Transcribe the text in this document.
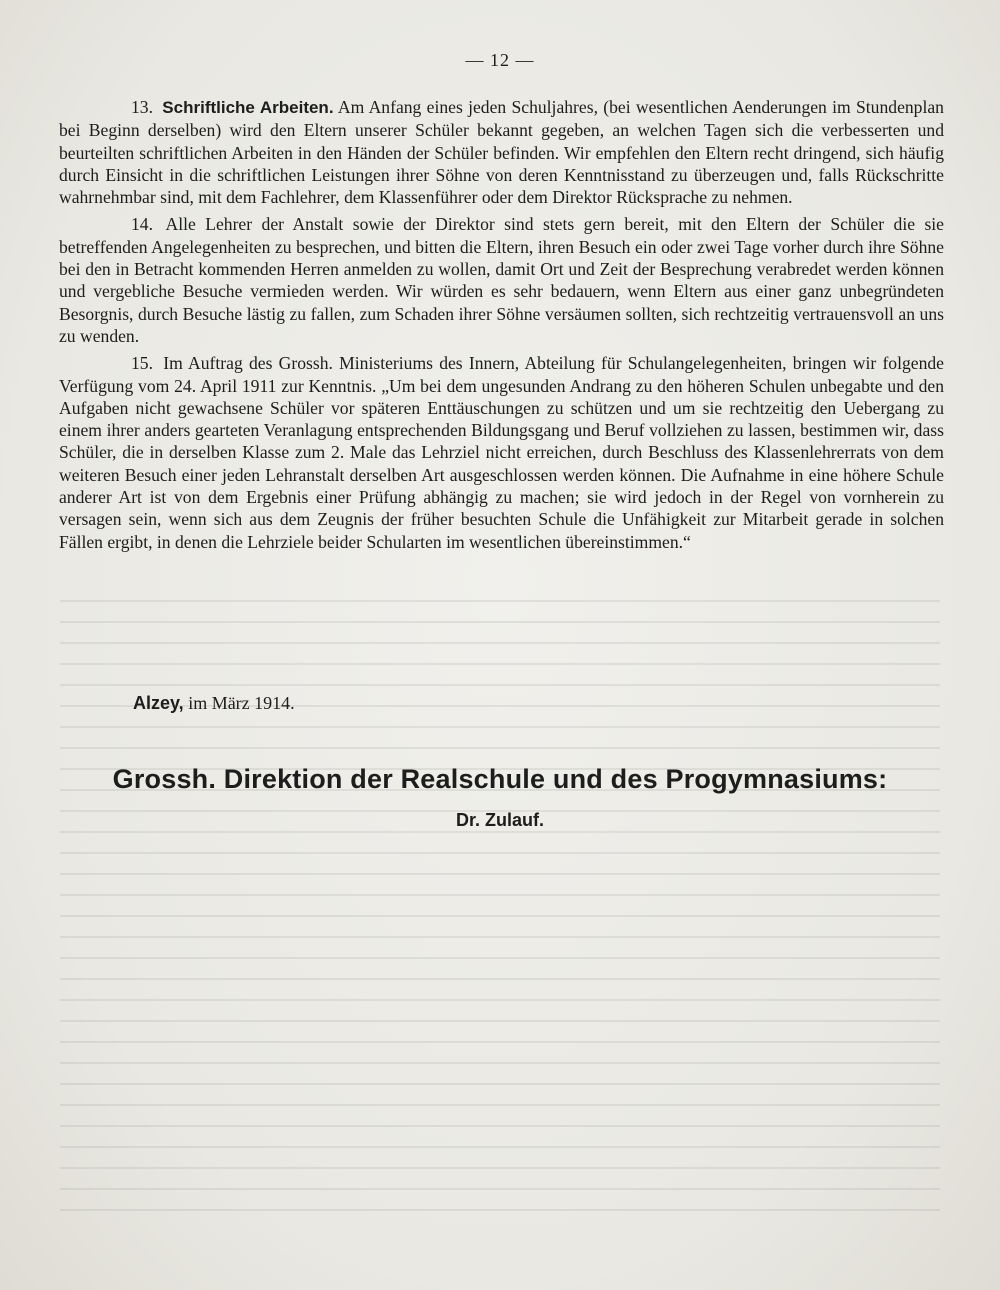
— 12 —

13. Schriftliche Arbeiten. Am Anfang eines jeden Schuljahres, (bei wesentlichen Aenderungen im Stundenplan bei Beginn derselben) wird den Eltern unserer Schüler bekannt gegeben, an welchen Tagen sich die verbesserten und beurteilten schriftlichen Arbeiten in den Händen der Schüler befinden. Wir empfehlen den Eltern recht dringend, sich häufig durch Einsicht in die schriftlichen Leistungen ihrer Söhne von deren Kenntnisstand zu überzeugen und, falls Rückschritte wahrnehmbar sind, mit dem Fachlehrer, dem Klassenführer oder dem Direktor Rücksprache zu nehmen.

14. Alle Lehrer der Anstalt sowie der Direktor sind stets gern bereit, mit den Eltern der Schüler die sie betreffenden Angelegenheiten zu besprechen, und bitten die Eltern, ihren Besuch ein oder zwei Tage vorher durch ihre Söhne bei den in Betracht kommenden Herren anmelden zu wollen, damit Ort und Zeit der Besprechung verabredet werden können und vergebliche Besuche vermieden werden. Wir würden es sehr bedauern, wenn Eltern aus einer ganz unbegründeten Besorgnis, durch Besuche lästig zu fallen, zum Schaden ihrer Söhne versäumen sollten, sich rechtzeitig vertrauensvoll an uns zu wenden.

15. Im Auftrag des Grossh. Ministeriums des Innern, Abteilung für Schulangelegenheiten, bringen wir folgende Verfügung vom 24. April 1911 zur Kenntnis. „Um bei dem ungesunden Andrang zu den höheren Schulen unbegabte und den Aufgaben nicht gewachsene Schüler vor späteren Enttäuschungen zu schützen und um sie rechtzeitig den Uebergang zu einem ihrer anders gearteten Veranlagung entsprechenden Bildungsgang und Beruf vollziehen zu lassen, bestimmen wir, dass Schüler, die in derselben Klasse zum 2. Male das Lehrziel nicht erreichen, durch Beschluss des Klassenlehrerrats von dem weiteren Besuch einer jeden Lehranstalt derselben Art ausgeschlossen werden können. Die Aufnahme in eine höhere Schule anderer Art ist von dem Ergebnis einer Prüfung abhängig zu machen; sie wird jedoch in der Regel von vornherein zu versagen sein, wenn sich aus dem Zeugnis der früher besuchten Schule die Unfähigkeit zur Mitarbeit gerade in solchen Fällen ergibt, in denen die Lehrziele beider Schularten im wesentlichen übereinstimmen.“

Alzey, im März 1914.
Grossh. Direktion der Realschule und des Progymnasiums:
Dr. Zulauf.
